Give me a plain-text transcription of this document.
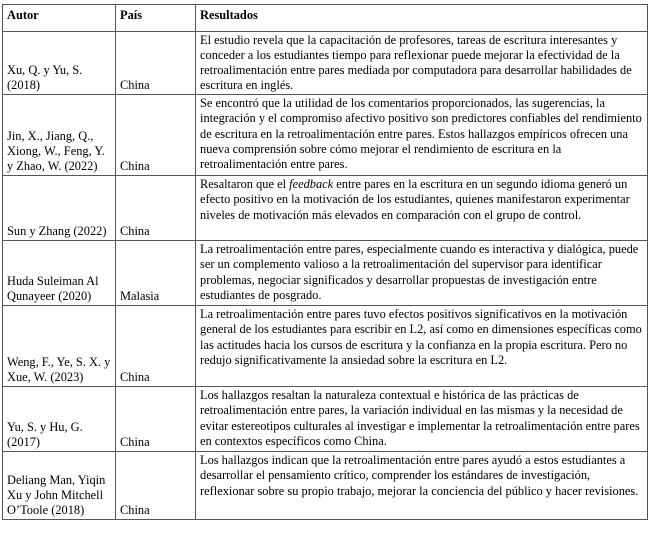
Autor	País	Resultados
Xu, Q. y Yu, S. (2018)	China	El estudio revela que la capacitación de profesores, tareas de escritura interesantes y conceder a los estudiantes tiempo para reflexionar puede mejorar la efectividad de la retroalimentación entre pares mediada por computadora para desarrollar habilidades de escritura en inglés.
Jin, X., Jiang, Q., Xiong, W., Feng, Y. y Zhao, W. (2022)	China	Se encontró que la utilidad de los comentarios proporcionados, las sugerencias, la integración y el compromiso afectivo positivo son predictores confiables del rendimiento de escritura en la retroalimentación entre pares. Estos hallazgos empíricos ofrecen una nueva comprensión sobre cómo mejorar el rendimiento de escritura en la retroalimentación entre pares.
Sun y Zhang (2022)	China	Resaltaron que el feedback entre pares en la escritura en un segundo idioma generó un efecto positivo en la motivación de los estudiantes, quienes manifestaron experimentar niveles de motivación más elevados en comparación con el grupo de control.
Huda Suleiman Al Qunayeer (2020)	Malasia	La retroalimentación entre pares, especialmente cuando es interactiva y dialógica, puede ser un complemento valioso a la retroalimentación del supervisor para identificar problemas, negociar significados y desarrollar propuestas de investigación entre estudiantes de posgrado.
Weng, F., Ye, S. X. y Xue, W. (2023)	China	La retroalimentación entre pares tuvo efectos positivos significativos en la motivación general de los estudiantes para escribir en L2, así como en dimensiones específicas como las actitudes hacia los cursos de escritura y la confianza en la propia escritura. Pero no redujo significativamente la ansiedad sobre la escritura en L2.
Yu, S. y Hu, G. (2017)	China	Los hallazgos resaltan la naturaleza contextual e histórica de las prácticas de retroalimentación entre pares, la variación individual en las mismas y la necesidad de evitar estereotipos culturales al investigar e implementar la retroalimentación entre pares en contextos específicos como China.
Deliang Man, Yiqin Xu y John Mitchell O’Toole (2018)	China	Los hallazgos indican que la retroalimentación entre pares ayudó a estos estudiantes a desarrollar el pensamiento crítico, comprender los estándares de investigación, reflexionar sobre su propio trabajo, mejorar la conciencia del público y hacer revisiones.
